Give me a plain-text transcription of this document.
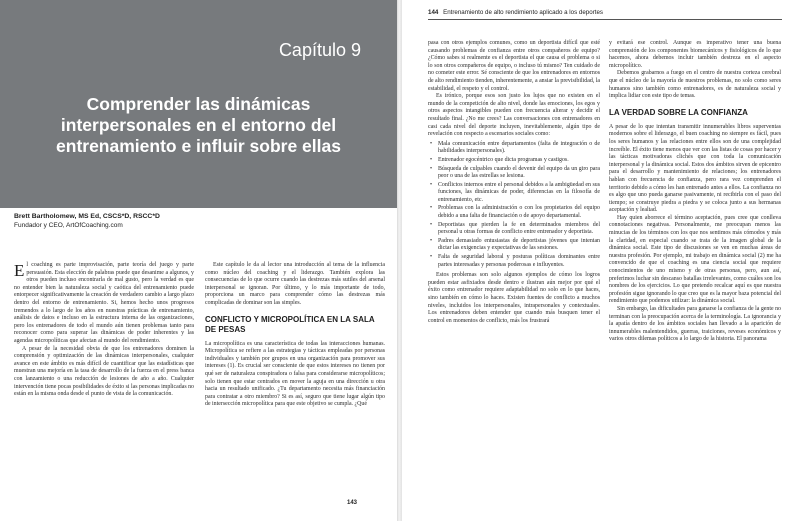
Capítulo 9
Comprender las dinámicas interpersonales en el entorno del entrenamiento e influir sobre ellas
Brett Bartholomew, MS Ed, CSCS*D, RSCC*D
Fundador y CEO, ArtOfCoaching.com

El coaching es parte improvisación, parte teoría del juego y parte persuasión. Esta elección de palabras puede que desanime a algunos, y otros pueden incluso encontrarla de mal gusto, pero la verdad es que no entender bien la naturaleza social y caótica del entrenamiento puede entorpecer significativamente la creación de verdadero cambio a largo plazo dentro del entorno de entrenamiento. Si, hemos hecho unos progresos tremendos a lo largo de los años en nuestras prácticas de entrenamiento, análisis de datos e incluso en la estructura interna de las organizaciones, pero los entrenadores de todo el mundo aún tienen problemas tanto para reconocer como para superar las dinámicas de poder inherentes y las agendas micropolíticas que afectan al mundo del rendimiento.

A pesar de la necesidad obvia de que los entrenadores dominen la comprensión y optimización de las dinámicas interpersonales, cualquier avance en este ámbito es más difícil de cuantificar que las estadísticas que muestran una mejoría en la tasa de desarrollo de la fuerza en el press banca con lanzamiento o una reducción de lesiones de año a año. Cualquier intervención tiene pocas posibilidades de éxito si las personas implicadas no están en la misma onda desde el punto de vista de la comunicación.

Este capítulo le da al lector una introducción al tema de la influencia como núcleo del coaching y el liderazgo. También explora las consecuencias de lo que ocurre cuando las destrezas más sutiles del arsenal interpersonal se ignoran. Por último, y lo más importante de todo, proporciona un marco para comprender cómo las destrezas más complicadas de dominar son las simples.

CONFLICTO Y MICROPOLÍTICA EN LA SALA DE PESAS

La micropolítica es una característica de todas las interacciones humanas. Micropolítica se refiere a las estrategias y tácticas empleadas por personas individuales y también por grupos en una organización para promover sus intereses (1). Es crucial ser consciente de que estos intereses no tienen por qué ser de naturaleza conspiradora o falsa para considerarse micropolíticos; solo tienen que estar centrados en mover la aguja en una dirección u otra hacia un resultado unificado. ¿Tu departamento necesita más financiación para contratar a otro miembro? Si es así, seguro que tiene lugar algún tipo de intersección micropolítica para que este objetivo se cumpla. ¿Qué

143
144 Entrenamiento de alto rendimiento aplicado a los deportes

pasa con otros ejemplos comunes, como un deportista difícil que esté causando problemas de confianza entre otros compañeros de equipo? ¿Cómo sabes si realmente es el deportista el que causa el problema o si lo son otros compañeros de equipo, o incluso tú mismo? Ten cuidado de no cometer este error. Sé consciente de que los entrenadores en entornos de alto rendimiento tienden, inherentemente, a ansiar la previsibilidad, la estabilidad, el respeto y el control.

Es irónico, porque esos son justo los lujos que no existen en el mundo de la competición de alto nivel, donde las emociones, los egos y otros aspectos intangibles pueden con frecuencia alterar y decidir el resultado final. ¿No me crees? Las conversaciones con entrenadores en casi cada nivel del deporte incluyen, inevitablemente, algún tipo de revelación con respecto a escenarios sociales como:

• Mala comunicación entre departamentos (falta de integración o de habilidades interpersonales).
• Entrenador egocéntrico que dicta programas y castigos.
• Búsqueda de culpables cuando el devenir del equipo da un giro para peor o una de las estrellas se lesiona.
• Conflictos internos entre el personal debidos a la ambigüedad en sus funciones, las dinámicas de poder, diferencias en la filosofía de entrenamiento, etc.
• Problemas con la administración o con los propietarios del equipo debido a una falta de financiación o de apoyo departamental.
• Deportistas que pierden la fe en determinados miembros del personal u otras formas de conflicto entre entrenador y deportista.
• Padres demasiado entusiastas de deportistas jóvenes que intentan dictar las exigencias y expectativas de las sesiones.
• Falta de seguridad laboral y posturas políticas dominantes entre partes interesadas y personas poderosas e influyentes.

Estos problemas son solo algunos ejemplos de cómo los logros pueden estar asfixiados desde dentro e ilustran aún mejor por qué el éxito como entrenador requiere adaptabilidad no solo en lo que haces, sino también en cómo lo haces. Existen fuentes de conflicto a muchos niveles, incluidos los interpersonales, intrapersonales y contextuales. Los entrenadores deben entender que cuando más busquen tener el control en momentos de conflicto, más los frustrará

y evitará ese control. Aunque es imperativo tener una buena comprensión de los componentes biomecánicos y fisiológicos de lo que hacemos, ahora debemos incluir también destreza en el aspecto micropolítico.

Debemos grabarnos a fuego en el centro de nuestra corteza cerebral que el núcleo de la mayoría de nuestros problemas, no solo como seres humanos sino también como entrenadores, es de naturaleza social y implica lidiar con este tipo de temas.

LA VERDAD SOBRE LA CONFIANZA

A pesar de lo que intentan transmitir innumerables libros superventas modernos sobre el liderazgo, el buen coaching no siempre es fácil, pues los seres humanos y las relaciones entre ellos son de una complejidad increíble. El éxito tiene menos que ver con las listas de cosas por hacer y las tácticas motivadoras clichés que con toda la comunicación interpersonal y la dinámica social. Estos dos ámbitos sirven de epicentro para el desarrollo y mantenimiento de relaciones; los entrenadores hablan con frecuencia de confianza, pero rara vez comprenden el territorio debido a cómo les han entrenado antes a ellos. La confianza no es algo que uno pueda ganarse pasivamente, ni recibirla con el paso del tiempo; se construye piedra a piedra y se coloca junto a sus hermanas aceptación y lealtad.

Hay quien aborrece el término aceptación, pues cree que conlleva connotaciones negativas. Personalmente, me preocupan menos las minucias de los términos con los que nos sentimos más cómodos y más la claridad, en especial cuando se trata de la imagen global de la dinámica social. Este tipo de discusiones se ven en muchas áreas de nuestra profesión. Por ejemplo, mi trabajo en dinámica social (2) me ha convencido de que el coaching es una ciencia social que requiere conocimientos de uno mismo y de otras personas, pero, aun así, preferimos luchar sin descanso batallas irrelevantes, como cuáles son los nombres de los ejercicios. Lo que pretendo recalcar aquí es que nuestra profesión sigue ignorando lo que creo que es la mayor baza potencial del rendimiento que podemos utilizar: la dinámica social.

Sin embargo, las dificultades para ganarse la confianza de la gente no terminan con la preocupación acerca de la terminología. La ignorancia y la apatía dentro de los ámbitos sociales han llevado a la aparición de innumerables malentendidos, guerras, traiciones, reveses económicos y varios otros dilemas políticos a lo largo de la historia. El panorama
